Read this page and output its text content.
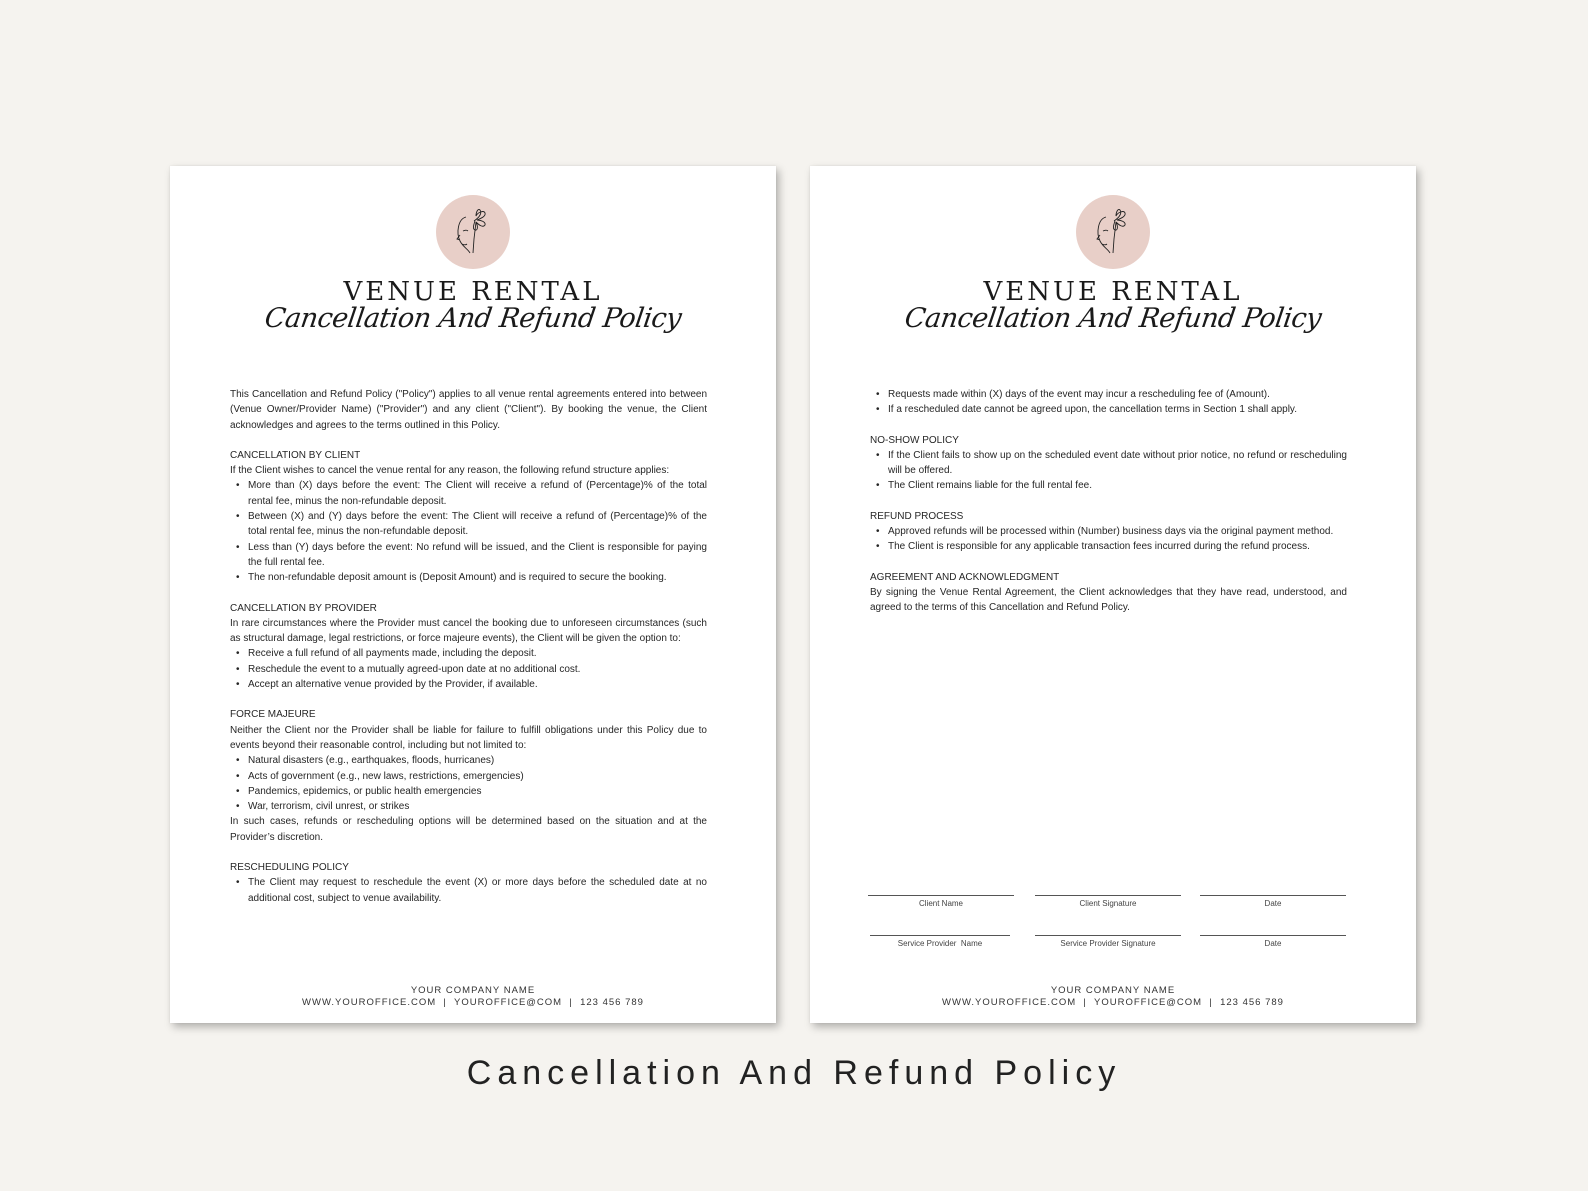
VENUE RENTAL
Cancellation And Refund Policy

This Cancellation and Refund Policy ("Policy") applies to all venue rental agreements entered into between (Venue Owner/Provider Name) ("Provider") and any client ("Client"). By booking the venue, the Client acknowledges and agrees to the terms outlined in this Policy.

CANCELLATION BY CLIENT

If the Client wishes to cancel the venue rental for any reason, the following refund structure applies:

• More than (X) days before the event: The Client will receive a refund of (Percentage)% of the total rental fee, minus the non-refundable deposit.
• Between (X) and (Y) days before the event: The Client will receive a refund of (Percentage)% of the total rental fee, minus the non-refundable deposit.
• Less than (Y) days before the event: No refund will be issued, and the Client is responsible for paying the full rental fee.
• The non-refundable deposit amount is (Deposit Amount) and is required to secure the booking.
CANCELLATION BY PROVIDER

In rare circumstances where the Provider must cancel the booking due to unforeseen circumstances (such as structural damage, legal restrictions, or force majeure events), the Client will be given the option to:

• Receive a full refund of all payments made, including the deposit.
• Reschedule the event to a mutually agreed-upon date at no additional cost.
• Accept an alternative venue provided by the Provider, if available.
FORCE MAJEURE

Neither the Client nor the Provider shall be liable for failure to fulfill obligations under this Policy due to events beyond their reasonable control, including but not limited to:

• Natural disasters (e.g., earthquakes, floods, hurricanes)
• Acts of government (e.g., new laws, restrictions, emergencies)
• Pandemics, epidemics, or public health emergencies
• War, terrorism, civil unrest, or strikes

In such cases, refunds or rescheduling options will be determined based on the situation and at the Provider’s discretion.

RESCHEDULING POLICY
• The Client may request to reschedule the event (X) or more days before the scheduled date at no additional cost, subject to venue availability.
YOUR COMPANY NAME
WWW.YOUROFFICE.COM  |  YOUROFFICE@COM  |  123 456 789
VENUE RENTAL
Cancellation And Refund Policy
• Requests made within (X) days of the event may incur a rescheduling fee of (Amount).
• If a rescheduled date cannot be agreed upon, the cancellation terms in Section 1 shall apply.
NO-SHOW POLICY
• If the Client fails to show up on the scheduled event date without prior notice, no refund or rescheduling will be offered.
• The Client remains liable for the full rental fee.
REFUND PROCESS
• Approved refunds will be processed within (Number) business days via the original payment method.
• The Client is responsible for any applicable transaction fees incurred during the refund process.
AGREEMENT AND ACKNOWLEDGMENT

By signing the Venue Rental Agreement, the Client acknowledges that they have read, understood, and agreed to the terms of this Cancellation and Refund Policy.

Client Name	Client Signature	Date
Service Provider  Name	Service Provider Signature	Date
YOUR COMPANY NAME
WWW.YOUROFFICE.COM  |  YOUROFFICE@COM  |  123 456 789
Cancellation And Refund Policy
